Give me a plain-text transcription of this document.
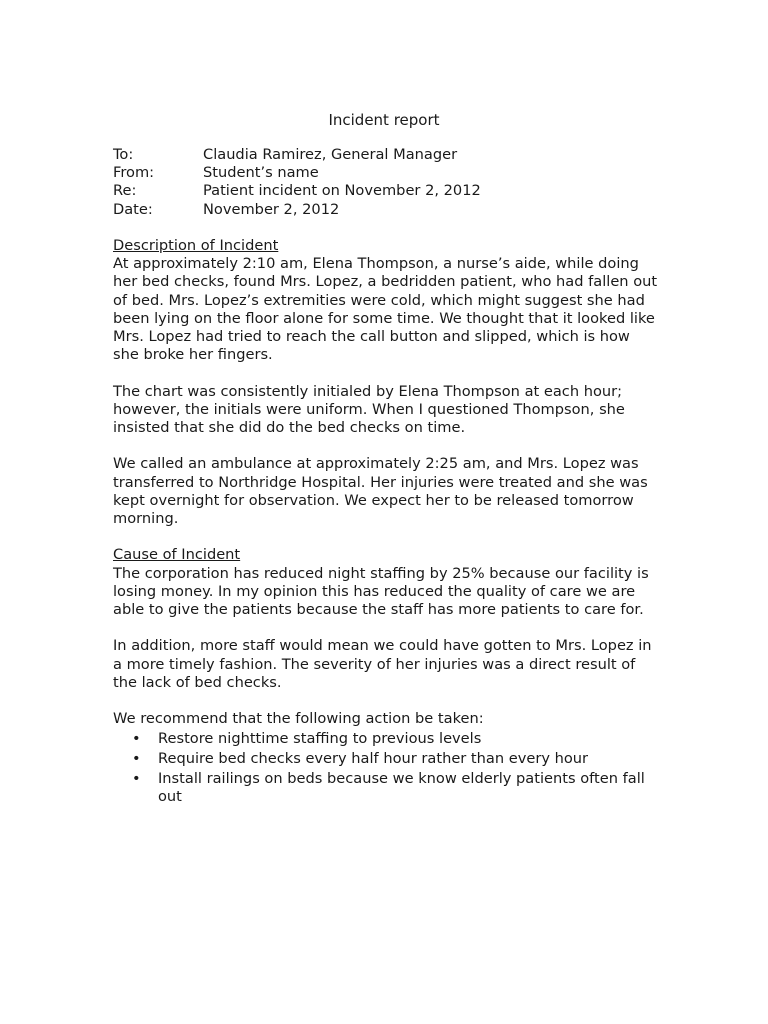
Incident report
To:	Claudia Ramirez, General Manager
From:	Student’s name
Re:	Patient incident on November 2, 2012
Date:	November 2, 2012
Description of Incident

At approximately 2:10 am, Elena Thompson, a nurse’s aide, while doing her bed checks, found Mrs. Lopez, a bedridden patient, who had fallen out of bed. Mrs. Lopez’s extremities were cold, which might suggest she had been lying on the floor alone for some time. We thought that it looked like Mrs. Lopez had tried to reach the call button and slipped, which is how she broke her fingers.

The chart was consistently initialed by Elena Thompson at each hour; however, the initials were uniform. When I questioned Thompson, she insisted that she did do the bed checks on time.

We called an ambulance at approximately 2:25 am, and Mrs. Lopez was transferred to Northridge Hospital. Her injuries were treated and she was kept overnight for observation. We expect her to be released tomorrow morning.

Cause of Incident

The corporation has reduced night staffing by 25% because our facility is losing money. In my opinion this has reduced the quality of care we are able to give the patients because the staff has more patients to care for.

In addition, more staff would mean we could have gotten to Mrs. Lopez in a more timely fashion. The severity of her injuries was a direct result of the lack of bed checks.

We recommend that the following action be taken:

• Restore nighttime staffing to previous levels
• Require bed checks every half hour rather than every hour
• Install railings on beds because we know elderly patients often fall out
